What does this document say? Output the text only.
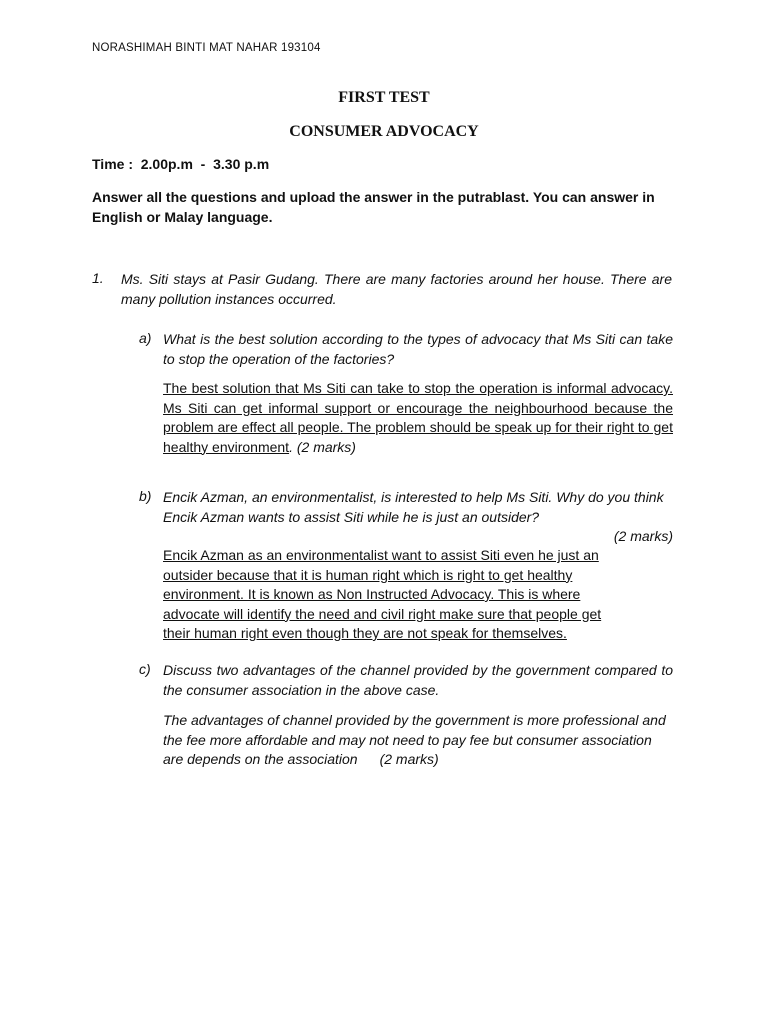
NORASHIMAH BINTI MAT NAHAR 193104
FIRST TEST
CONSUMER ADVOCACY
Time :  2.00p.m  -  3.30 p.m
Answer all the questions and upload the answer in the putrablast. You can answer in English or Malay language.
1. Ms. Siti stays at Pasir Gudang. There are many factories around her house. There are many pollution instances occurred.
a) What is the best solution according to the types of advocacy that Ms Siti can take to stop the operation of the factories?
The best solution that Ms Siti can take to stop the operation is informal advocacy. Ms Siti can get informal support or encourage the neighbourhood because the problem are effect all people. The problem should be speak up for their right to get healthy environment. (2 marks)
b) Encik Azman, an environmentalist, is interested to help Ms Siti. Why do you think Encik Azman wants to assist Siti while he is just an outsider?
(2 marks)
Encik Azman as an environmentalist want to assist Siti even he just an
outsider because that it is human right which is right to get healthy
environment. It is known as Non Instructed Advocacy. This is where
advocate will identify the need and civil right make sure that people get
their human right even though they are not speak for themselves.
c) Discuss two advantages of the channel provided by the government compared to the consumer association in the above case.
The advantages of channel provided by the government is more professional and the fee more affordable and may not need to pay fee but consumer association are depends on the association (2 marks)
